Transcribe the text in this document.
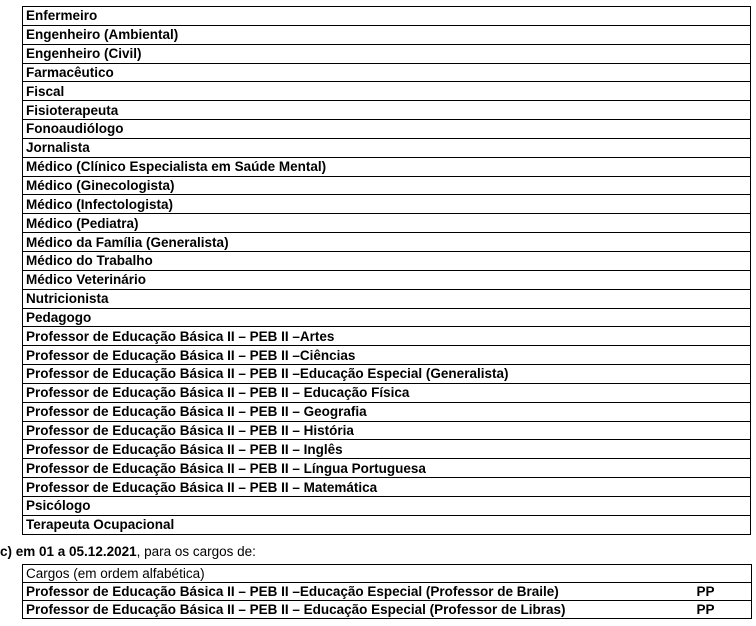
Enfermeiro
Engenheiro (Ambiental)
Engenheiro (Civil)
Farmacêutico
Fiscal
Fisioterapeuta
Fonoaudiólogo
Jornalista
Médico (Clínico Especialista em Saúde Mental)
Médico (Ginecologista)
Médico (Infectologista)
Médico (Pediatra)
Médico da Família (Generalista)
Médico do Trabalho
Médico Veterinário
Nutricionista
Pedagogo
Professor de Educação Básica II – PEB II –Artes
Professor de Educação Básica II – PEB II –Ciências
Professor de Educação Básica II – PEB II –Educação Especial (Generalista)
Professor de Educação Básica II – PEB II – Educação Física
Professor de Educação Básica II – PEB II – Geografia
Professor de Educação Básica II – PEB II – História
Professor de Educação Básica II – PEB II – Inglês
Professor de Educação Básica II – PEB II – Língua Portuguesa
Professor de Educação Básica II – PEB II – Matemática
Psicólogo
Terapeuta Ocupacional
c) em 01 a 05.12.2021, para os cargos de:
Cargos (em ordem alfabética)	
Professor de Educação Básica II – PEB II –Educação Especial (Professor de Braile)	PP
Professor de Educação Básica II – PEB II – Educação Especial (Professor de Libras)	PP
